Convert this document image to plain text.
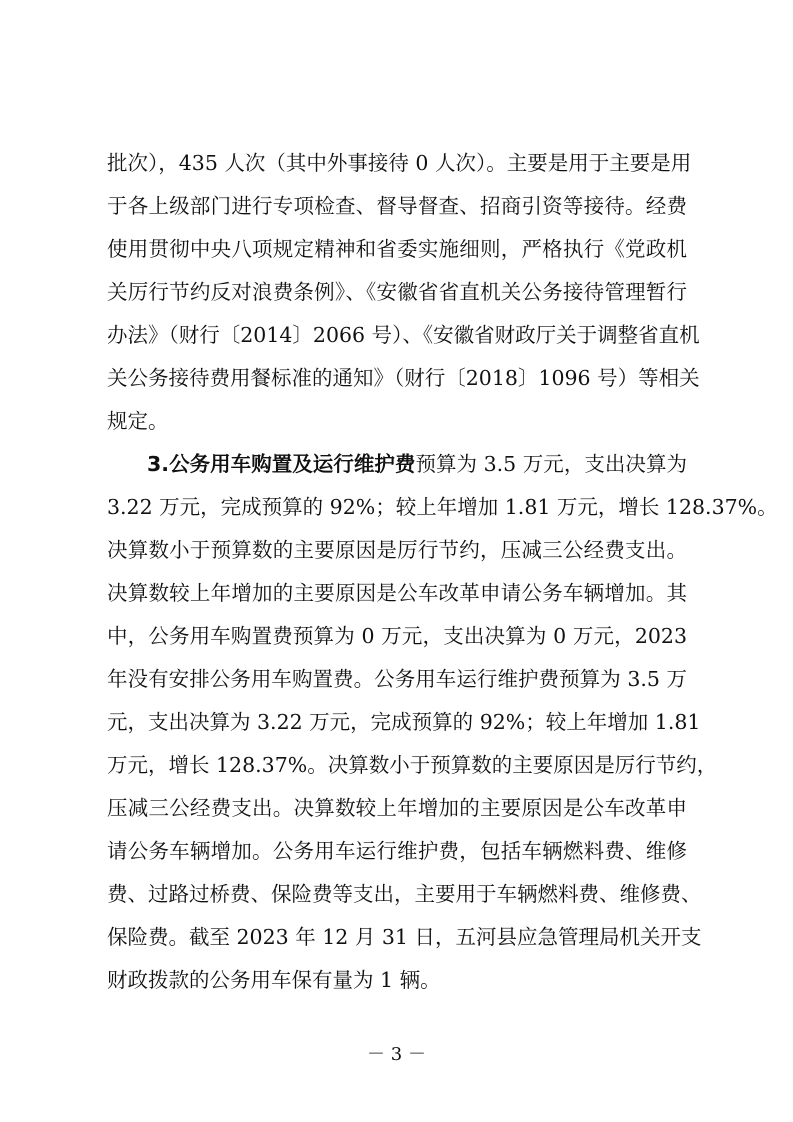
批次），435 人次（其中外事接待 0 人次）。主要是用于主要是用
于各上级部门进行专项检查、督导督查、招商引资等接待。经费
使用贯彻中央八项规定精神和省委实施细则，严格执行《党政机
关厉行节约反对浪费条例》、《安徽省省直机关公务接待管理暂行
办法》（财行〔2014〕2066 号）、《安徽省财政厅关于调整省直机
关公务接待费用餐标准的通知》（财行〔2018〕1096 号）等相关
规定。
3.公务用车购置及运行维护费预算为 3.5 万元，支出决算为
3.22 万元，完成预算的 92%；较上年增加 1.81 万元，增长 128.37%。
决算数小于预算数的主要原因是厉行节约，压减三公经费支出。
决算数较上年增加的主要原因是公车改革申请公务车辆增加。其
中，公务用车购置费预算为 0 万元，支出决算为 0 万元，2023
年没有安排公务用车购置费。公务用车运行维护费预算为 3.5 万
元，支出决算为 3.22 万元，完成预算的 92%；较上年增加 1.81
万元，增长 128.37%。决算数小于预算数的主要原因是厉行节约，
压减三公经费支出。决算数较上年增加的主要原因是公车改革申
请公务车辆增加。公务用车运行维护费，包括车辆燃料费、维修
费、过路过桥费、保险费等支出，主要用于车辆燃料费、维修费、
保险费。截至 2023 年 12 月 31 日，五河县应急管理局机关开支
财政拨款的公务用车保有量为 1 辆。
－ 3 －
